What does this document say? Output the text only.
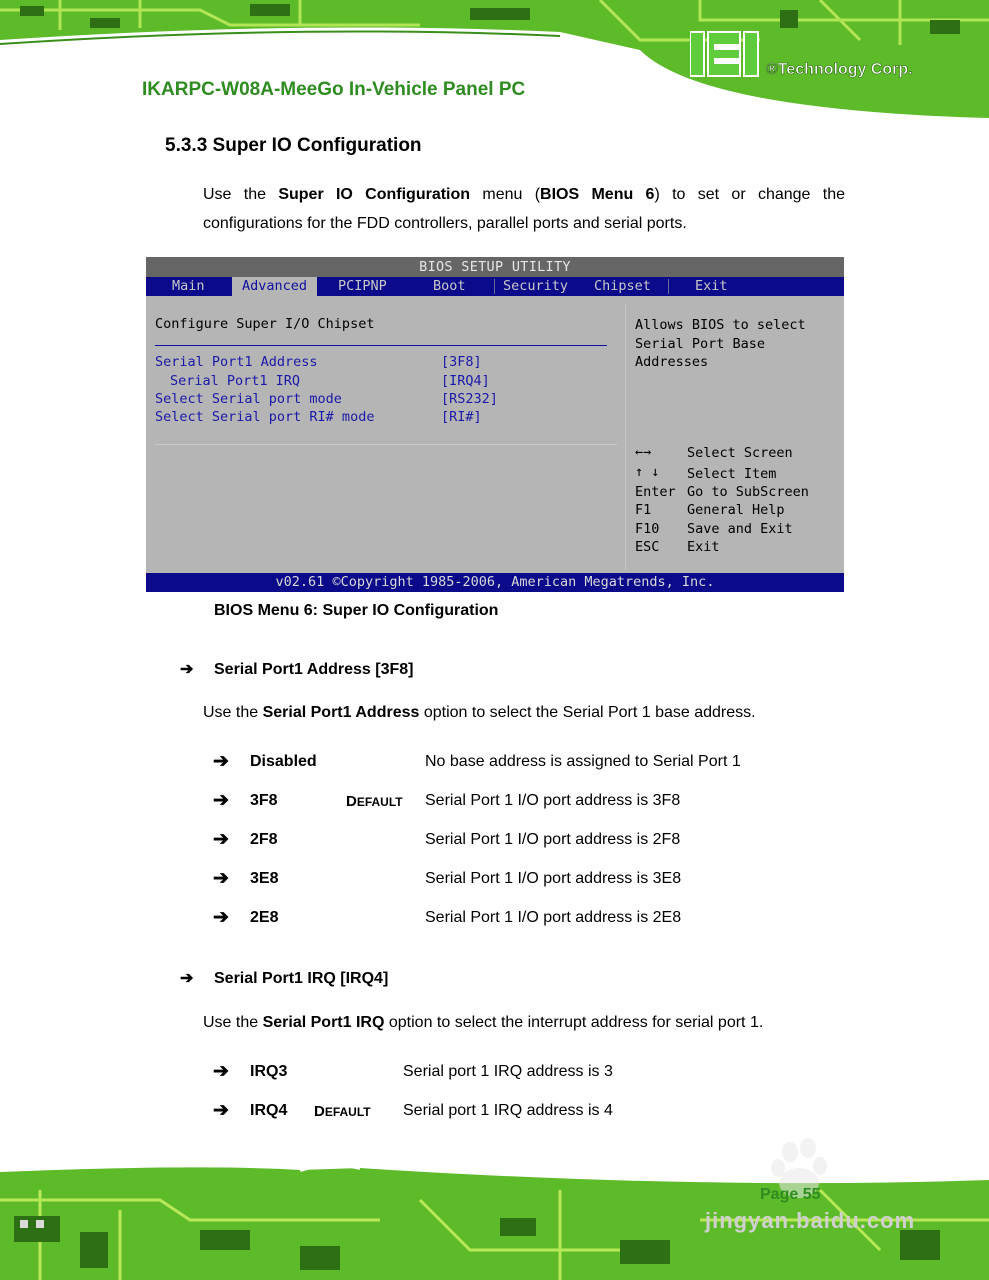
IKARPC-W08A-MeeGo In-Vehicle Panel PC
®Technology Corp.
5.3.3 Super IO Configuration
Use the Super IO Configuration menu (BIOS Menu 6) to set or change the configurations for the FDD controllers, parallel ports and serial ports.
BIOS SETUP UTILITY
Main	Advanced	PCIPNP	Boot	Security Chipset	Exit
Configure Super I/O Chipset
Serial Port1 Address	[3F8]
Serial Port1 IRQ	[IRQ4]
Select Serial port mode	[RS232]
Select Serial port RI# mode	[RI#]
Allows BIOS to select
Serial Port Base
Addresses
←→	Select Screen
↑ ↓ Select Item
Enter Go to SubScreen
F1	General Help
F10 Save and Exit
ESC Exit
v02.61 ©Copyright 1985-2006, American Megatrends, Inc.
BIOS Menu 6: Super IO Configuration
➔ Serial Port1 Address [3F8]
Use the Serial Port1 Address option to select the Serial Port 1 base address.
➔ Disabled	No base address is assigned to Serial Port 1
➔ 3F8	DEFAULT Serial Port 1 I/O port address is 3F8
➔ 2F8	Serial Port 1 I/O port address is 2F8
➔ 3E8	Serial Port 1 I/O port address is 3E8
➔ 2E8	Serial Port 1 I/O port address is 2E8
➔ Serial Port1 IRQ [IRQ4]
Use the Serial Port1 IRQ option to select the interrupt address for serial port 1.
➔ IRQ3	Serial port 1 IRQ address is 3
➔ IRQ4 DEFAULT Serial port 1 IRQ address is 4
Page 55
jingyan.baidu.com
